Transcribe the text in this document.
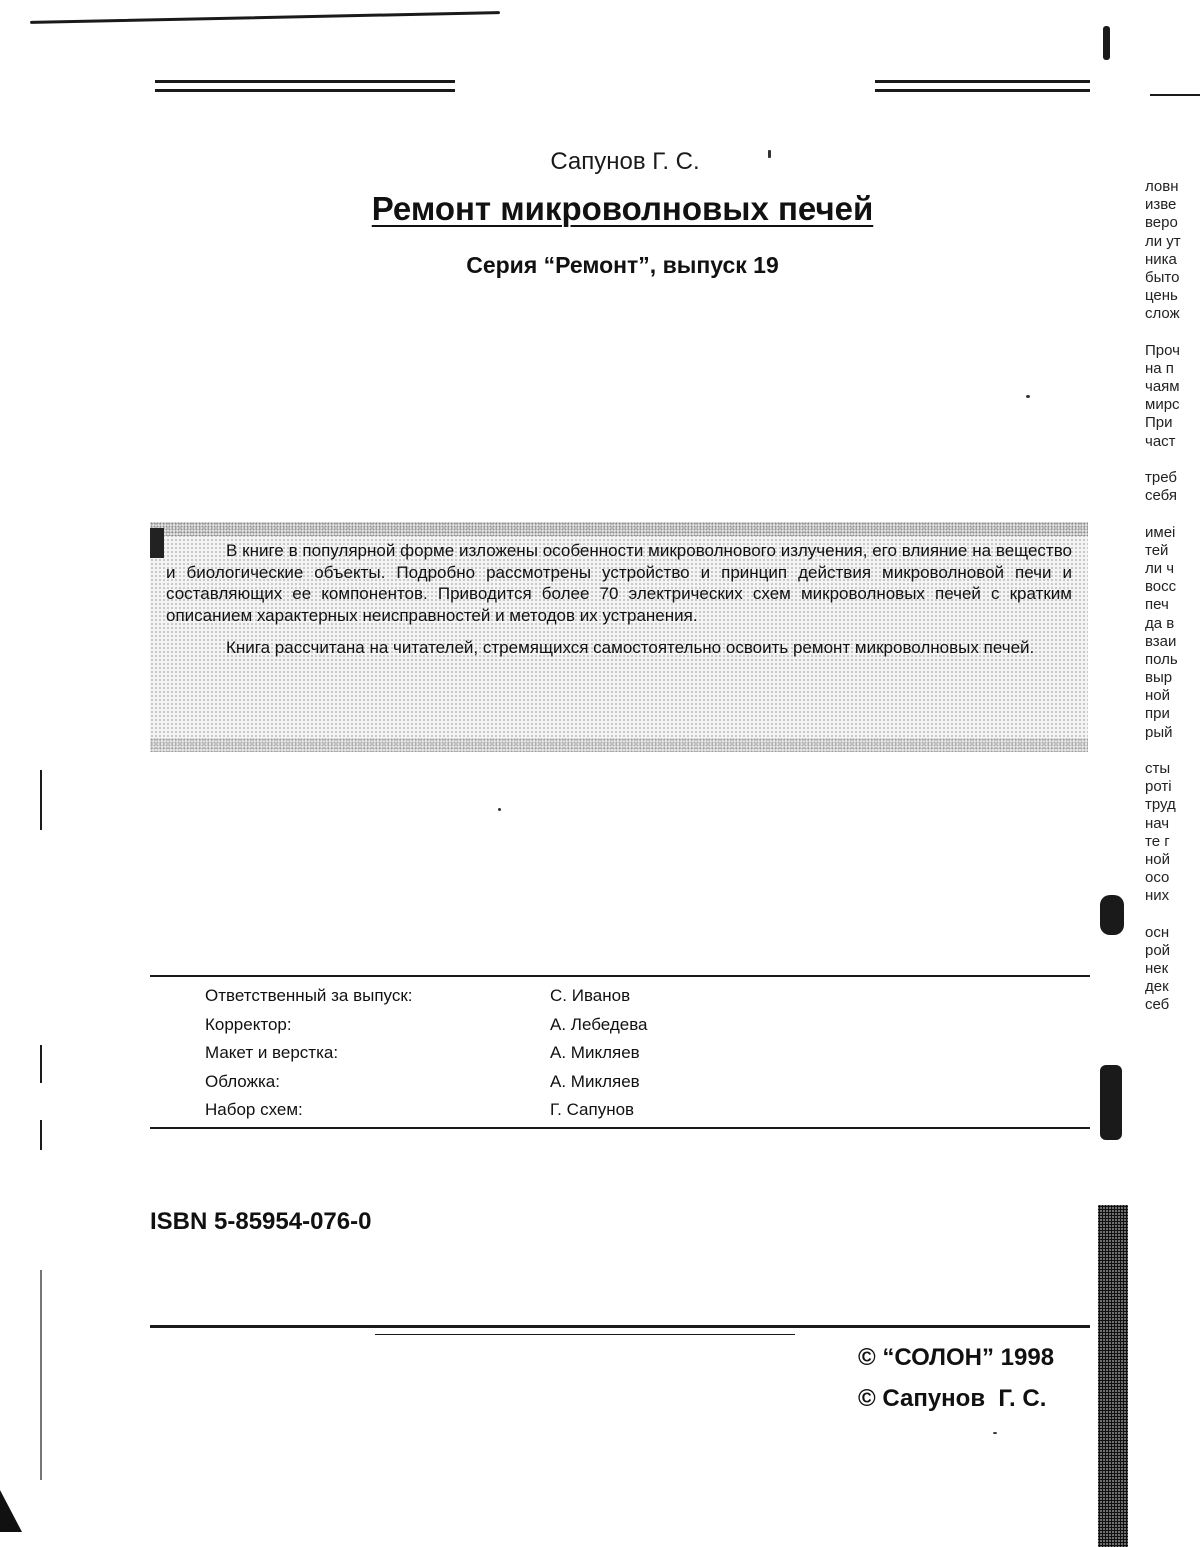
Сапунов Г. С.
Ремонт микроволновых печей
Серия “Ремонт”, выпуск 19

В книге в популярной форме изложены особенности микроволнового излучения, его влияние на вещество и биологические объекты. Подробно рассмотрены устройство и принцип действия микроволновой печи и составляющих ее компонентов. Приводится более 70 электрических схем микроволновых печей с кратким описанием характерных неисправностей и методов их устранения.

Книга рассчитана на читателей, стремящихся самостоятельно освоить ремонт микроволновых печей.

Ответственный за выпуск:	С. Иванов
Корректор:	А. Лебедева
Макет и верстка:	А. Микляев
Обложка:	А. Микляев
Набор схем:	Г. Сапунов
ISBN 5-85954-076-0
© “СОЛОН” 1998
© Сапунов  Г. С.
ловн
изве
веро
ли ут
ника
быто
цень
слож
Проч
на п
чаям
мирс
При
част
треб
себя
имеі
тей
ли ч
восс
печ
да в
взаи
поль
выр
ной
при
рый
сты
роті
труд
нач
те г
ной
осо
них
осн
рой
нек
дек
себ
